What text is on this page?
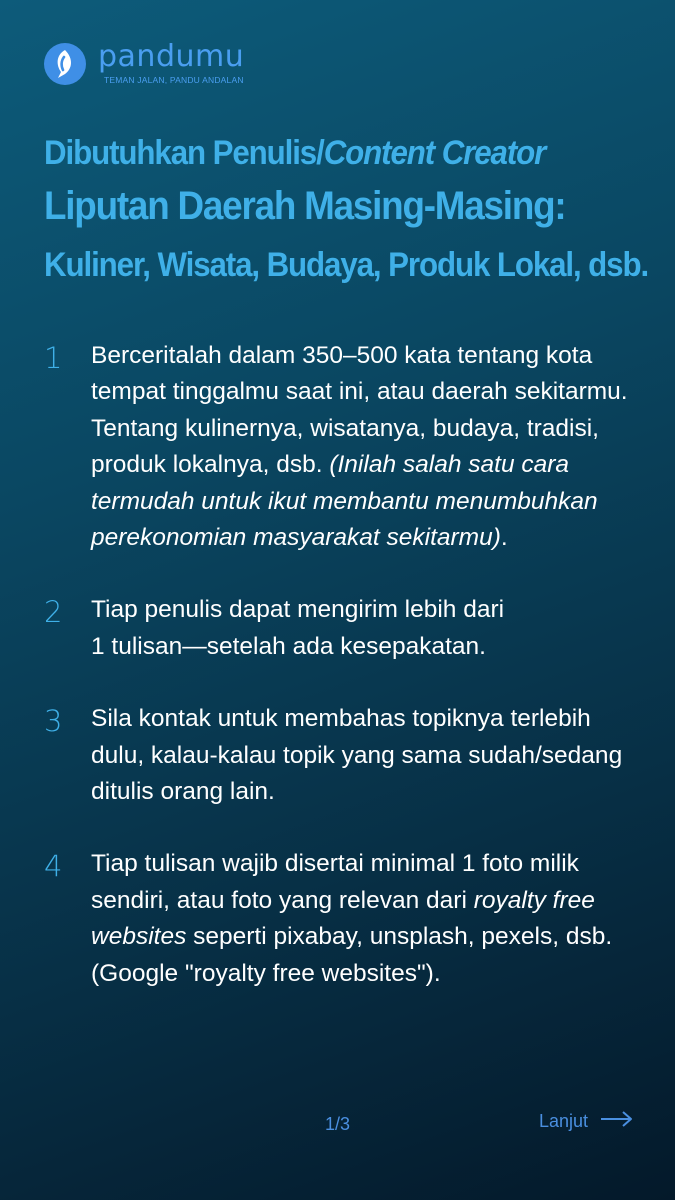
pandumu
TEMAN JALAN, PANDU ANDALAN
Dibutuhkan Penulis/Content Creator
Liputan Daerah Masing-Masing:
Kuliner, Wisata, Budaya, Produk Lokal, dsb.
1	Berceritalah dalam 350–500 kata tentang kota tempat tinggalmu saat ini, atau daerah sekitarmu. Tentang kulinernya, wisatanya, budaya, tradisi, produk lokalnya, dsb. (Inilah salah satu cara termudah untuk ikut membantu menumbuhkan perekonomian masyarakat sekitarmu).
2	Tiap penulis dapat mengirim lebih dari
1 tulisan—setelah ada kesepakatan.
3	Sila kontak untuk membahas topiknya terlebih dulu, kalau-kalau topik yang sama sudah/sedang ditulis orang lain.
4	Tiap tulisan wajib disertai minimal 1 foto milik sendiri, atau foto yang relevan dari royalty free websites seperti pixabay, unsplash, pexels, dsb. (Google "royalty free websites").
1/3	Lanjut
